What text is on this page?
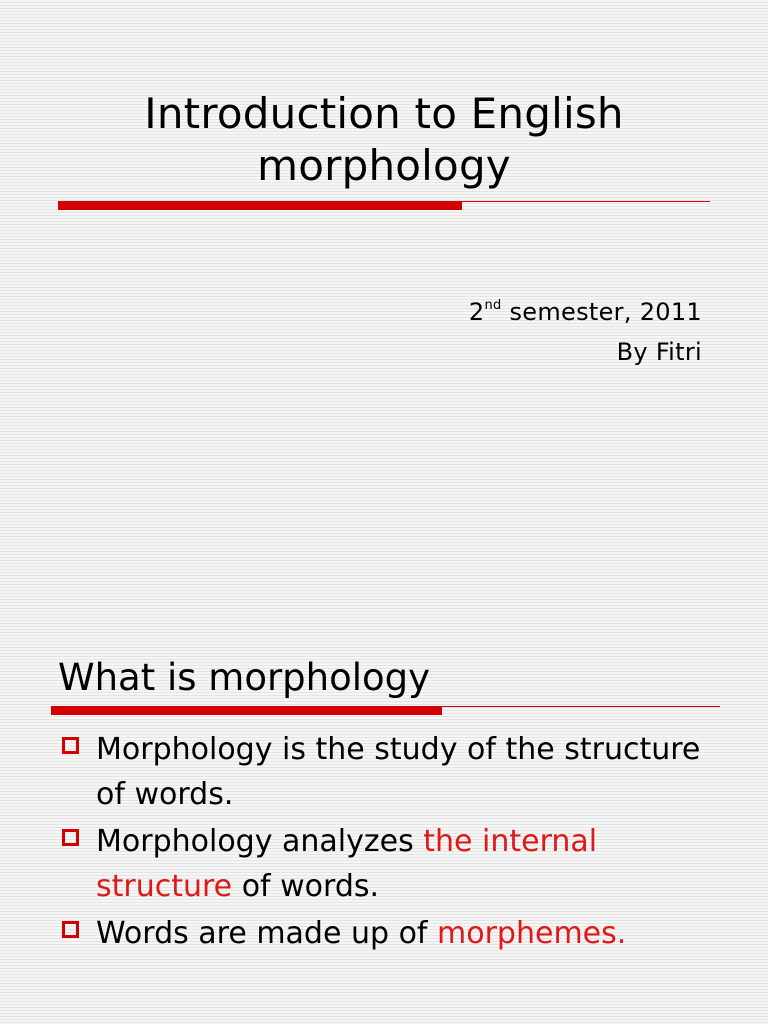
Introduction to English
morphology
2nd semester, 2011
By Fitri
What is morphology
Morphology is the study of the structure of words.
Morphology analyzes the internal structure of words.
Words are made up of morphemes.
